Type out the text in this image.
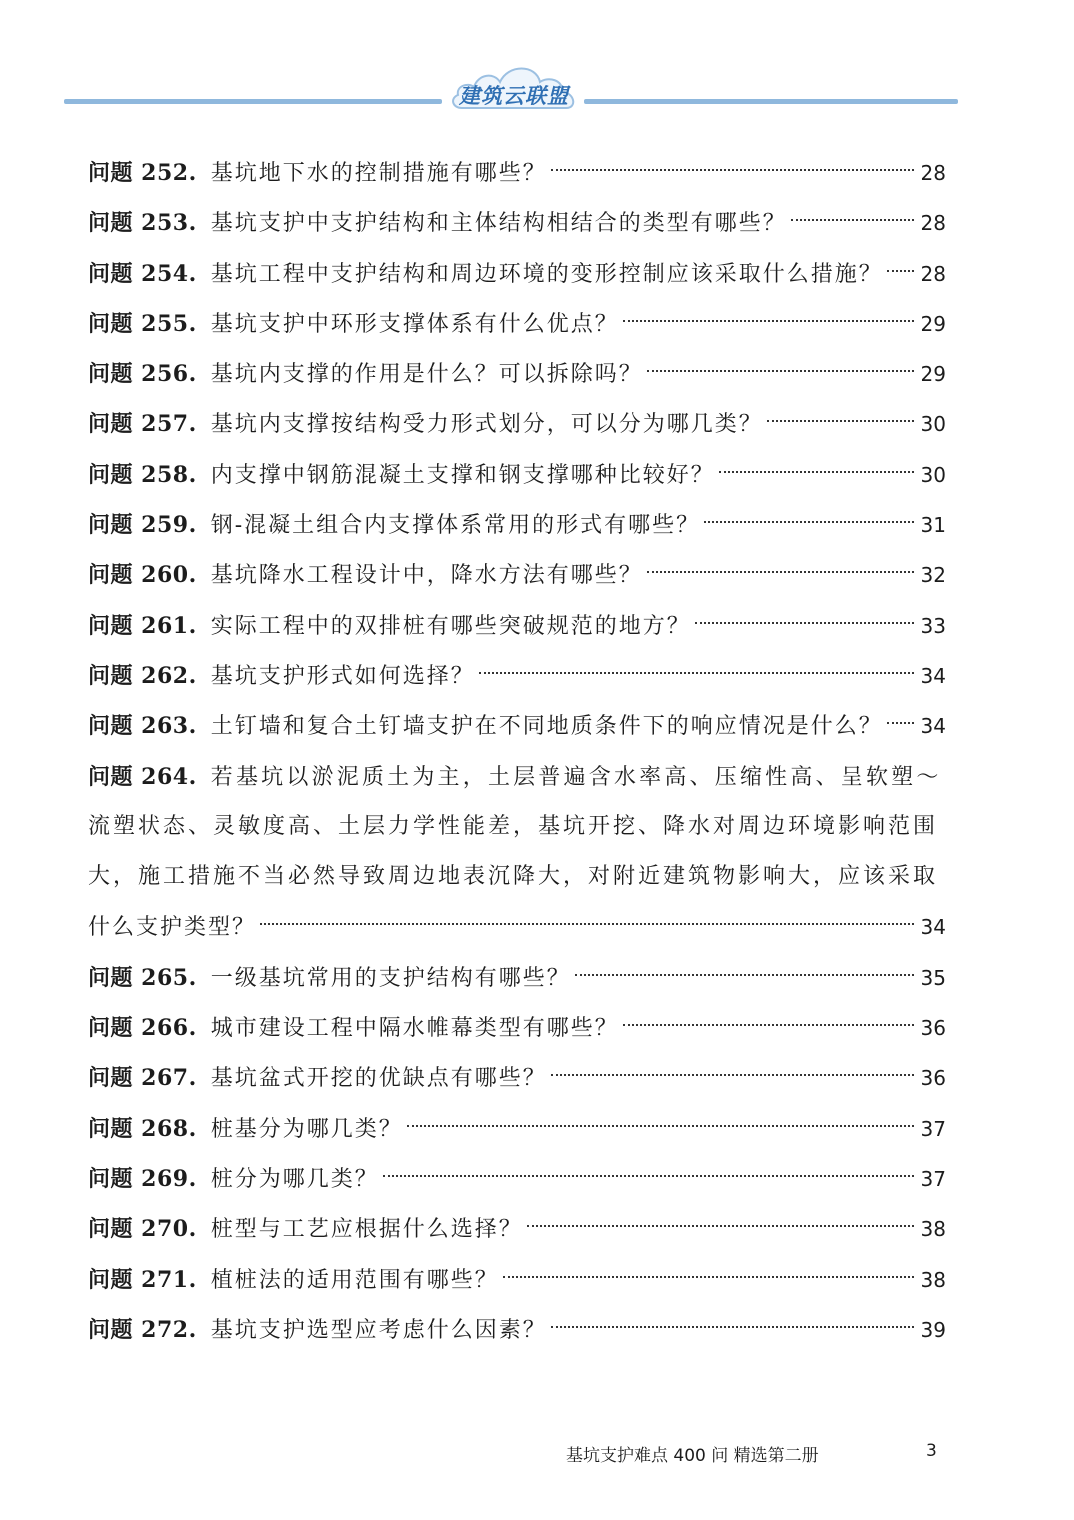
建筑云联盟
问题 252. 基坑地下水的控制措施有哪些？	28
问题 253. 基坑支护中支护结构和主体结构相结合的类型有哪些？	28
问题 254. 基坑工程中支护结构和周边环境的变形控制应该采取什么措施？ 28
问题 255. 基坑支护中环形支撑体系有什么优点？	29
问题 256. 基坑内支撑的作用是什么？可以拆除吗？	29
问题 257. 基坑内支撑按结构受力形式划分，可以分为哪几类？	30
问题 258. 内支撑中钢筋混凝土支撑和钢支撑哪种比较好？	30
问题 259. 钢-混凝土组合内支撑体系常用的形式有哪些？	31
问题 260. 基坑降水工程设计中，降水方法有哪些？	32
问题 261. 实际工程中的双排桩有哪些突破规范的地方？	33
问题 262. 基坑支护形式如何选择？	34
问题 263. 土钉墙和复合土钉墙支护在不同地质条件下的响应情况是什么？ 34
问题 264. 若基坑以淤泥质土为主，土层普遍含水率高、压缩性高、呈软塑～
流塑状态、灵敏度高、土层力学性能差，基坑开挖、降水对周边环境影响范围
大，施工措施不当必然导致周边地表沉降大，对附近建筑物影响大，应该采取
什么支护类型？	34
问题 265. 一级基坑常用的支护结构有哪些？	35
问题 266. 城市建设工程中隔水帷幕类型有哪些？	36
问题 267. 基坑盆式开挖的优缺点有哪些？	36
问题 268. 桩基分为哪几类？	37
问题 269. 桩分为哪几类？	37
问题 270. 桩型与工艺应根据什么选择？	38
问题 271. 植桩法的适用范围有哪些？	38
问题 272. 基坑支护选型应考虑什么因素？	39
基坑支护难点 400 问 精选第二册	3
